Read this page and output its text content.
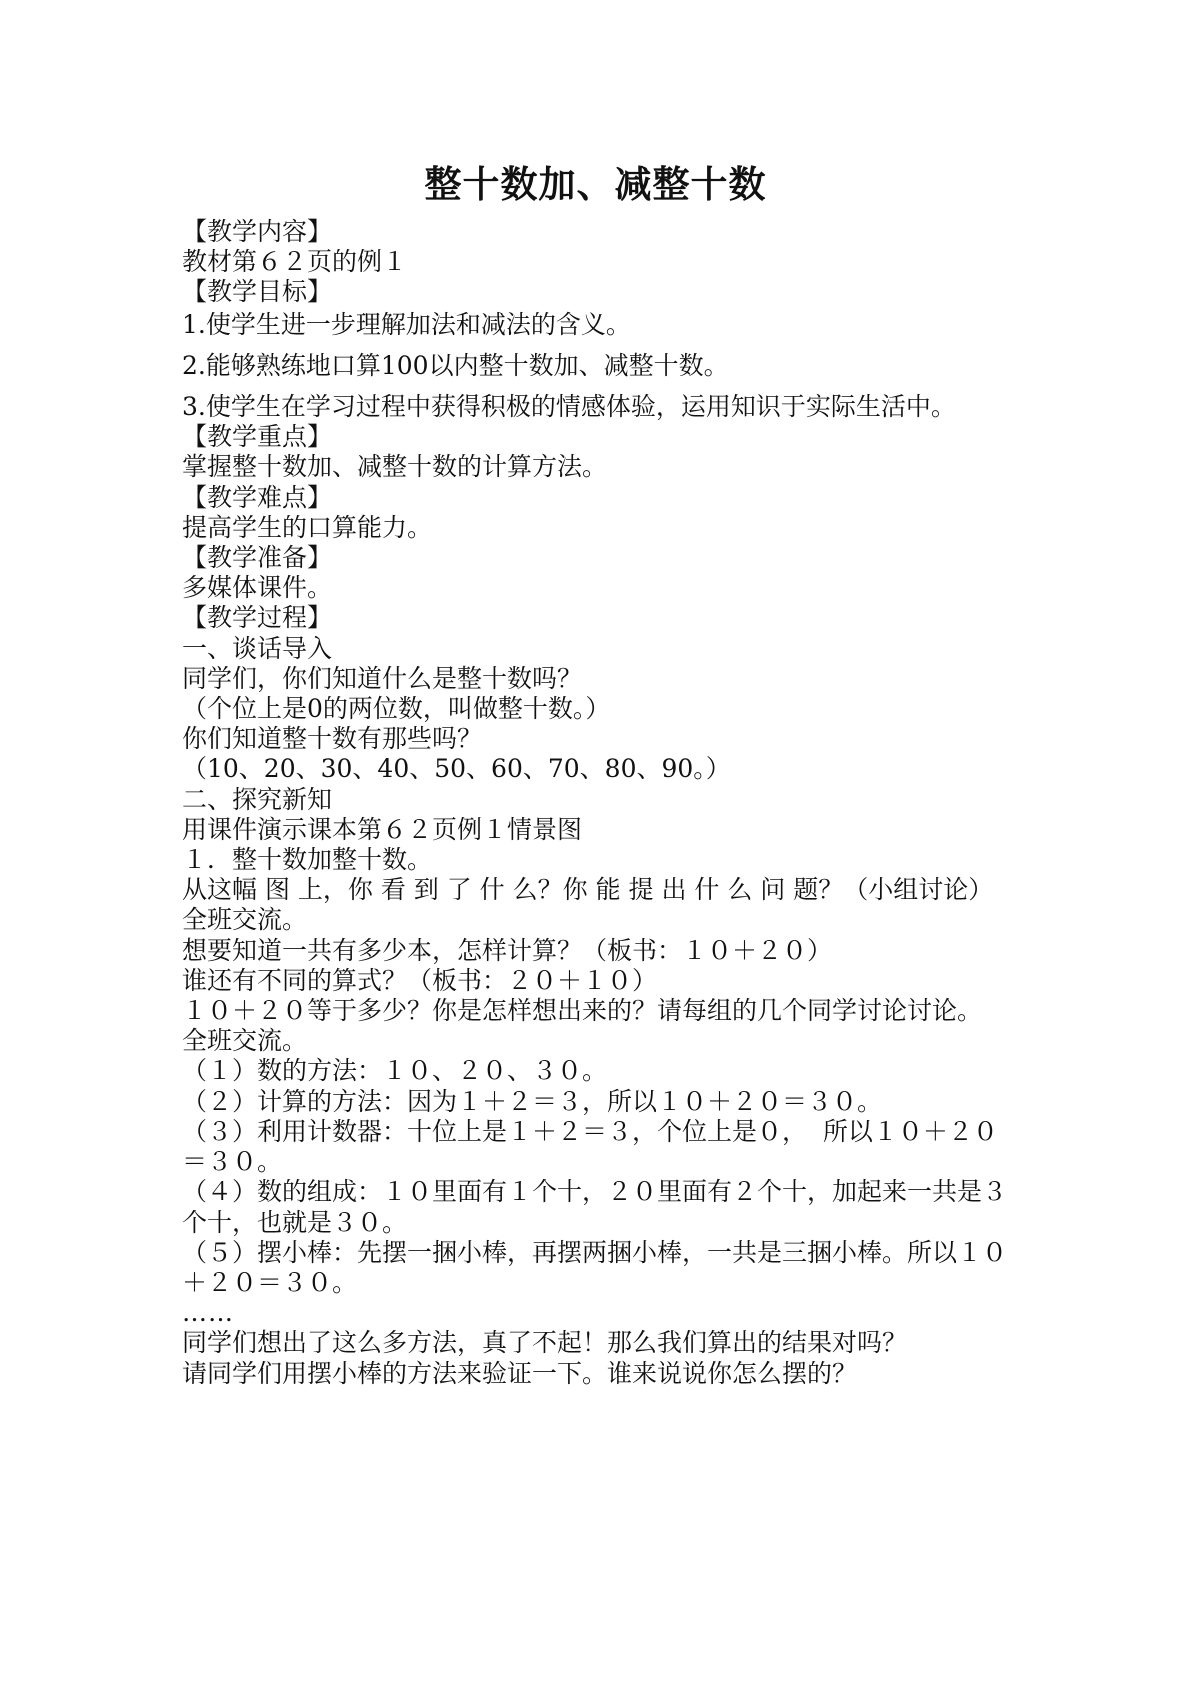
整十数加、减整十数
【教学内容】
教材第６２页的例１
【教学目标】
1.使学生进一步理解加法和减法的含义。
2.能够熟练地口算100以内整十数加、减整十数。
3.使学生在学习过程中获得积极的情感体验，运用知识于实际生活中。
【教学重点】
掌握整十数加、减整十数的计算方法。
【教学难点】
提高学生的口算能力。
【教学准备】
多媒体课件。
【教学过程】
一、谈话导入
同学们，你们知道什么是整十数吗？
（个位上是0的两位数，叫做整十数。）
你们知道整十数有那些吗？
（10、20、30、40、50、60、70、80、90。）
二、探究新知
用课件演示课本第６２页例１情景图
１．整十数加整十数。
从这幅 图 上，你 看 到 了 什 么？你 能 提 出 什 么 问 题？（小组讨论）
全班交流。
想要知道一共有多少本，怎样计算？（板书：１０＋２０）
谁还有不同的算式？（板书：２０＋１０）
１０＋２０等于多少？你是怎样想出来的？请每组的几个同学讨论讨论。
全班交流。
（１）数的方法：１０、２０、３０。
（２）计算的方法：因为１＋２＝３，所以１０＋２０＝３０。
（３）利用计数器：十位上是１＋２＝３，个位上是０，  所以１０＋２０＝３０。
（４）数的组成：１０里面有１个十，２０里面有２个十，加起来一共是３个十，也就是３０。
（５）摆小棒：先摆一捆小棒，再摆两捆小棒，一共是三捆小棒。所以１０＋２０＝３０。
……
同学们想出了这么多方法，真了不起！那么我们算出的结果对吗？
请同学们用摆小棒的方法来验证一下。谁来说说你怎么摆的？
